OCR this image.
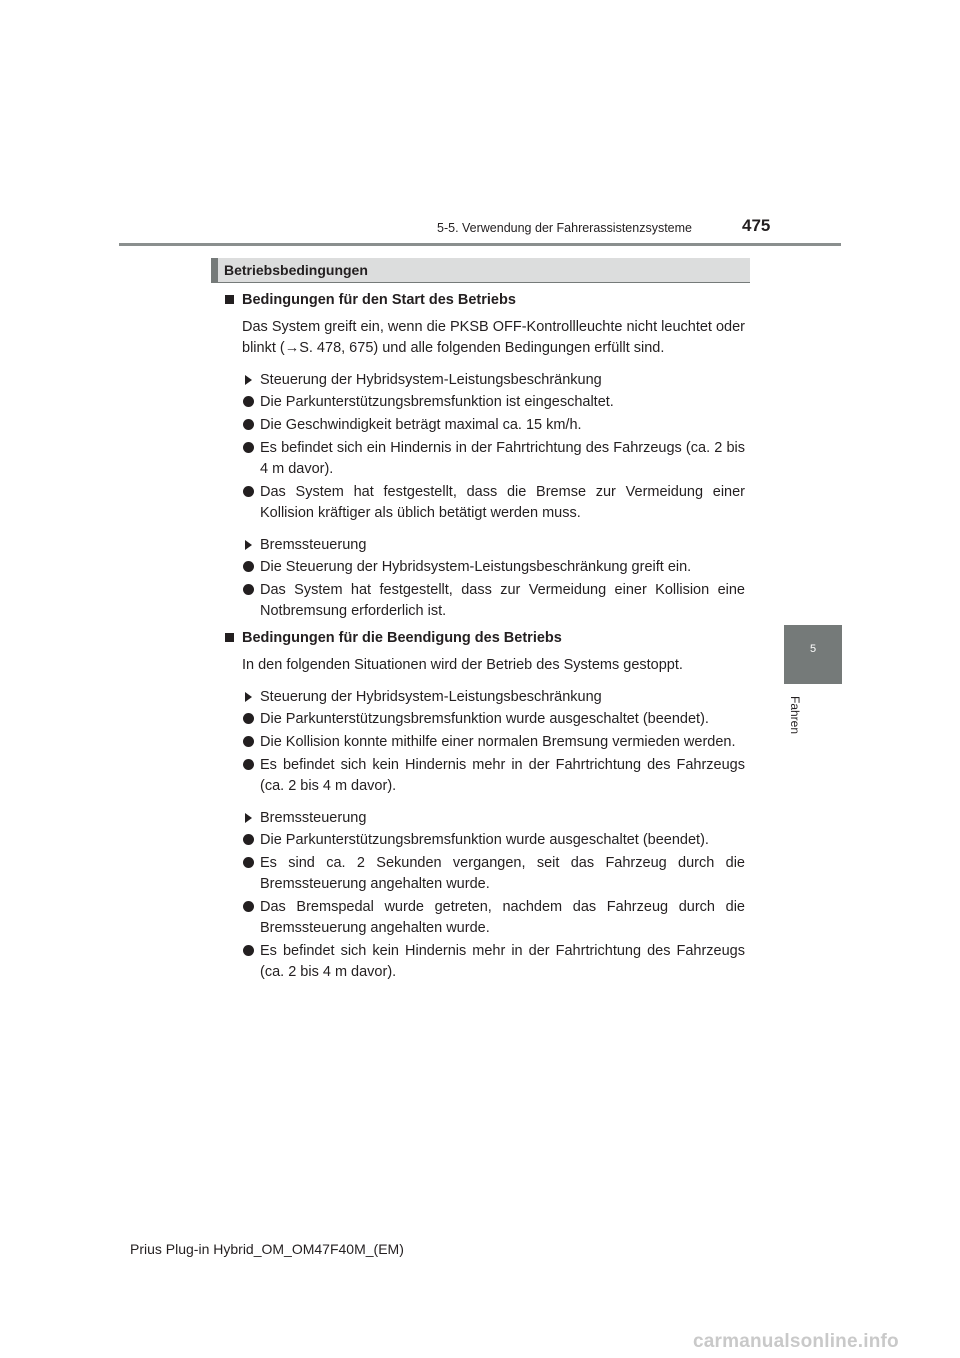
5-5. Verwendung der Fahrerassistenzsysteme	475
5
Fahren
Betriebsbedingungen
Bedingungen für den Start des Betriebs
Das System greift ein, wenn die PKSB OFF-Kontrollleuchte nicht leuchtet oder blinkt (→S. 478, 675) und alle folgenden Bedingungen erfüllt sind.
Steuerung der Hybridsystem-Leistungsbeschränkung
Die Parkunterstützungsbremsfunktion ist eingeschaltet.
Die Geschwindigkeit beträgt maximal ca. 15 km/h.
Es befindet sich ein Hindernis in der Fahrtrichtung des Fahrzeugs (ca. 2 bis 4 m davor).
Das System hat festgestellt, dass die Bremse zur Vermeidung einer Kollision kräftiger als üblich betätigt werden muss.
Bremssteuerung
Die Steuerung der Hybridsystem-Leistungsbeschränkung greift ein.
Das System hat festgestellt, dass zur Vermeidung einer Kollision eine Notbremsung erforderlich ist.
Bedingungen für die Beendigung des Betriebs
In den folgenden Situationen wird der Betrieb des Systems gestoppt.
Steuerung der Hybridsystem-Leistungsbeschränkung
Die Parkunterstützungsbremsfunktion wurde ausgeschaltet (beendet).
Die Kollision konnte mithilfe einer normalen Bremsung vermieden werden.
Es befindet sich kein Hindernis mehr in der Fahrtrichtung des Fahrzeugs (ca. 2 bis 4 m davor).
Bremssteuerung
Die Parkunterstützungsbremsfunktion wurde ausgeschaltet (beendet).
Es sind ca. 2 Sekunden vergangen, seit das Fahrzeug durch die Bremssteuerung angehalten wurde.
Das Bremspedal wurde getreten, nachdem das Fahrzeug durch die Bremssteuerung angehalten wurde.
Es befindet sich kein Hindernis mehr in der Fahrtrichtung des Fahrzeugs (ca. 2 bis 4 m davor).
Prius Plug-in Hybrid_OM_OM47F40M_(EM)
carmanualsonline.info
